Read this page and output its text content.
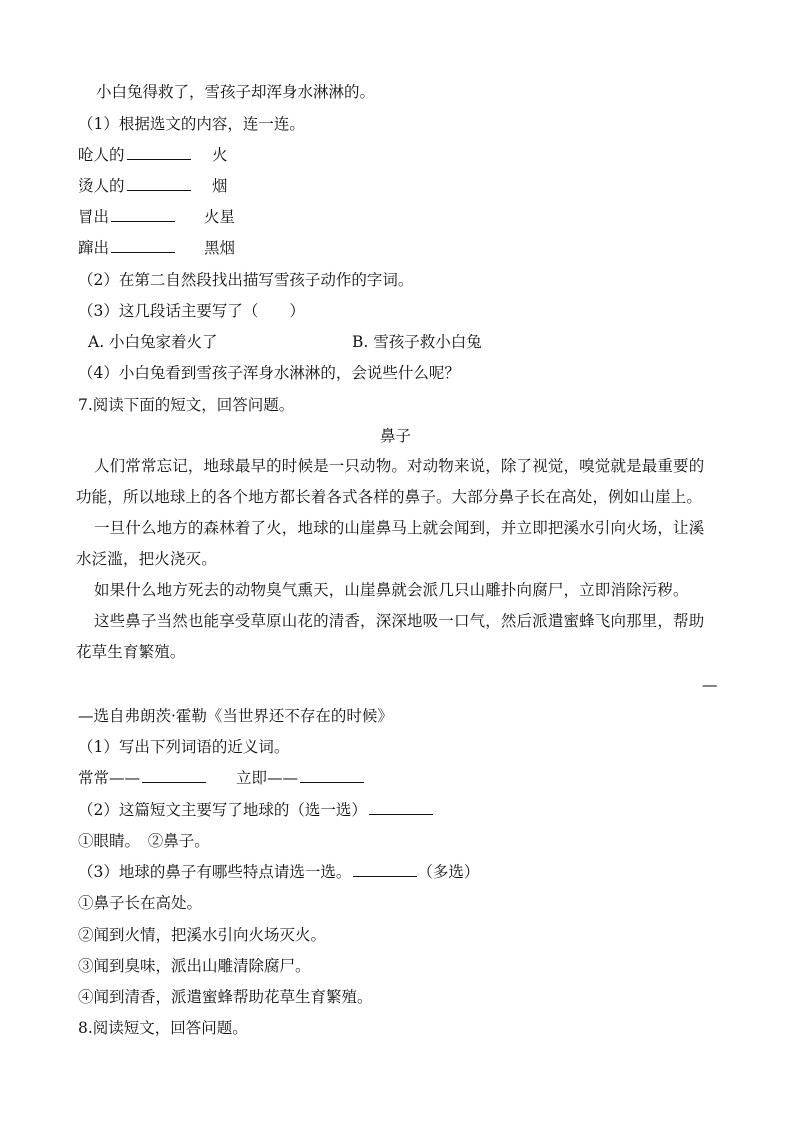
小白兔得救了，雪孩子却浑身水淋淋的。
（1）根据选文的内容，连一连。
呛人的	火
烫人的	烟
冒出	火星
蹿出	黑烟
（2）在第二自然段找出描写雪孩子动作的字词。
（3）这几段话主要写了（　　）
A. 小白兔家着火了	B. 雪孩子救小白兔
（4）小白兔看到雪孩子浑身水淋淋的，会说些什么呢？
7.阅读下面的短文，回答问题。
鼻子
人们常常忘记，地球最早的时候是一只动物。对动物来说，除了视觉，嗅觉就是最重要的功能，所以地球上的各个地方都长着各式各样的鼻子。大部分鼻子长在高处，例如山崖上。
一旦什么地方的森林着了火，地球的山崖鼻马上就会闻到，并立即把溪水引向火场，让溪水泛滥，把火浇灭。
如果什么地方死去的动物臭气熏天，山崖鼻就会派几只山雕扑向腐尸，立即消除污秽。
这些鼻子当然也能享受草原山花的清香，深深地吸一口气，然后派遣蜜蜂飞向那里，帮助花草生育繁殖。
—
—选自弗朗茨·霍勒《当世界还不存在的时候》
（1）写出下列词语的近义词。
常常——	立即——
（2）这篇短文主要写了地球的（选一选）
①眼睛。　②鼻子。
（3）地球的鼻子有哪些特点请选一选。	（多选）
①鼻子长在高处。
②闻到火情，把溪水引向火场灭火。
③闻到臭味，派出山雕清除腐尸。
④闻到清香，派遣蜜蜂帮助花草生育繁殖。
8.阅读短文，回答问题。
